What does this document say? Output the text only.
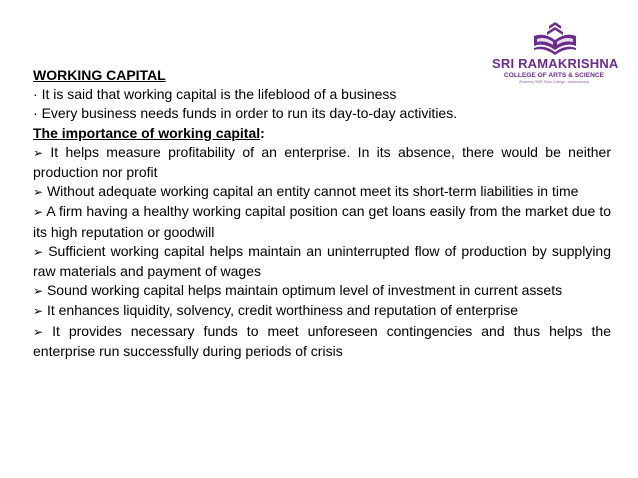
SRI RAMAKRISHNA
COLLEGE OF ARTS & SCIENCE
(Formerly SNR Sons College - Autonomous)
WORKING CAPITAL
· It is said that working capital is the lifeblood of a business
· Every business needs funds in order to run its day-to-day activities.
The importance of working capital:
➢ It helps measure profitability of an enterprise. In its absence, there would be neither production nor profit
➢ Without adequate working capital an entity cannot meet its short-term liabilities in time
➢ A firm having a healthy working capital position can get loans easily from the market due to its high reputation or goodwill
➢ Sufficient working capital helps maintain an uninterrupted flow of production by supplying raw materials and payment of wages
➢ Sound working capital helps maintain optimum level of investment in current assets
➢ It enhances liquidity, solvency, credit worthiness and reputation of enterprise
➢ It provides necessary funds to meet unforeseen contingencies and thus helps the enterprise run successfully during periods of crisis
